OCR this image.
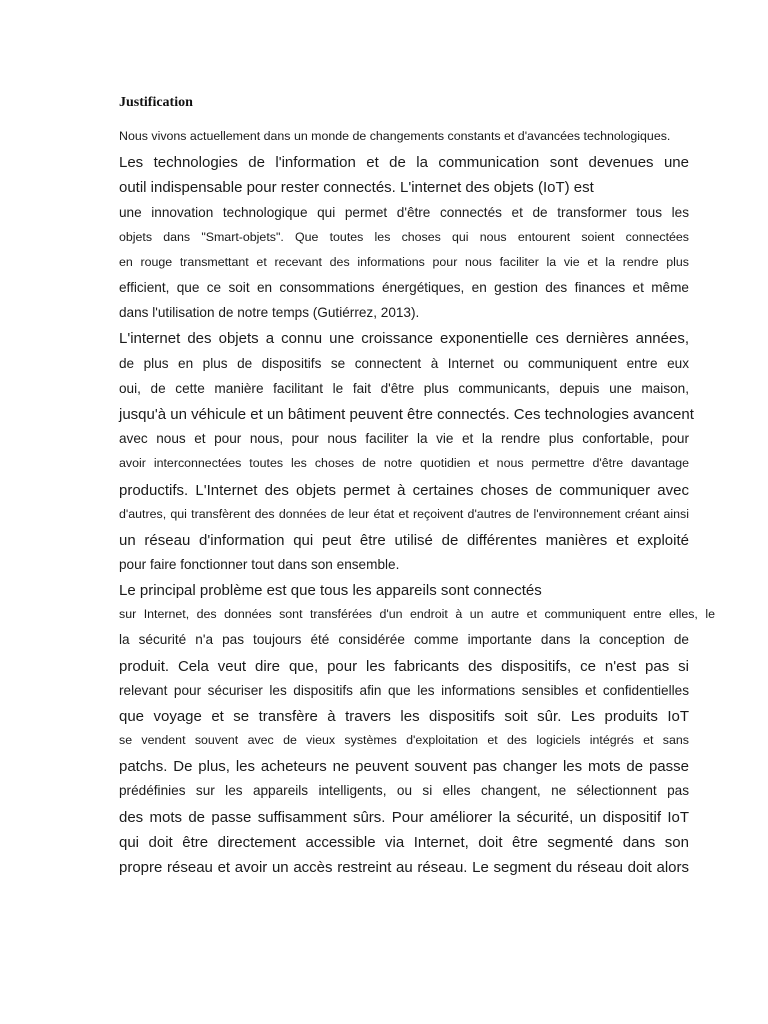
Justification
Nous vivons actuellement dans un monde de changements constants et d'avancées technologiques.
Les technologies de l'information et de la communication sont devenues une
outil indispensable pour rester connectés. L'internet des objets (IoT) est
une innovation technologique qui permet d'être connectés et de transformer tous les
objets dans "Smart-objets". Que toutes les choses qui nous entourent soient connectées
en rouge transmettant et recevant des informations pour nous faciliter la vie et la rendre plus
efficient, que ce soit en consommations énergétiques, en gestion des finances et même
dans l'utilisation de notre temps (Gutiérrez, 2013).
L'internet des objets a connu une croissance exponentielle ces dernières années,
de plus en plus de dispositifs se connectent à Internet ou communiquent entre eux
oui, de cette manière facilitant le fait d'être plus communicants, depuis une maison,
jusqu'à un véhicule et un bâtiment peuvent être connectés. Ces technologies avancent
avec nous et pour nous, pour nous faciliter la vie et la rendre plus confortable, pour
avoir interconnectées toutes les choses de notre quotidien et nous permettre d'être davantage
productifs. L'Internet des objets permet à certaines choses de communiquer avec
d'autres, qui transfèrent des données de leur état et reçoivent d'autres de l'environnement créant ainsi
un réseau d'information qui peut être utilisé de différentes manières et exploité
pour faire fonctionner tout dans son ensemble.
Le principal problème est que tous les appareils sont connectés
sur Internet, des données sont transférées d'un endroit à un autre et communiquent entre elles, le
la sécurité n'a pas toujours été considérée comme importante dans la conception de
produit. Cela veut dire que, pour les fabricants des dispositifs, ce n'est pas si
relevant pour sécuriser les dispositifs afin que les informations sensibles et confidentielles
que voyage et se transfère à travers les dispositifs soit sûr. Les produits IoT
se vendent souvent avec de vieux systèmes d'exploitation et des logiciels intégrés et sans
patchs. De plus, les acheteurs ne peuvent souvent pas changer les mots de passe
prédéfinies sur les appareils intelligents, ou si elles changent, ne sélectionnent pas
des mots de passe suffisamment sûrs. Pour améliorer la sécurité, un dispositif IoT
qui doit être directement accessible via Internet, doit être segmenté dans son
propre réseau et avoir un accès restreint au réseau. Le segment du réseau doit alors
